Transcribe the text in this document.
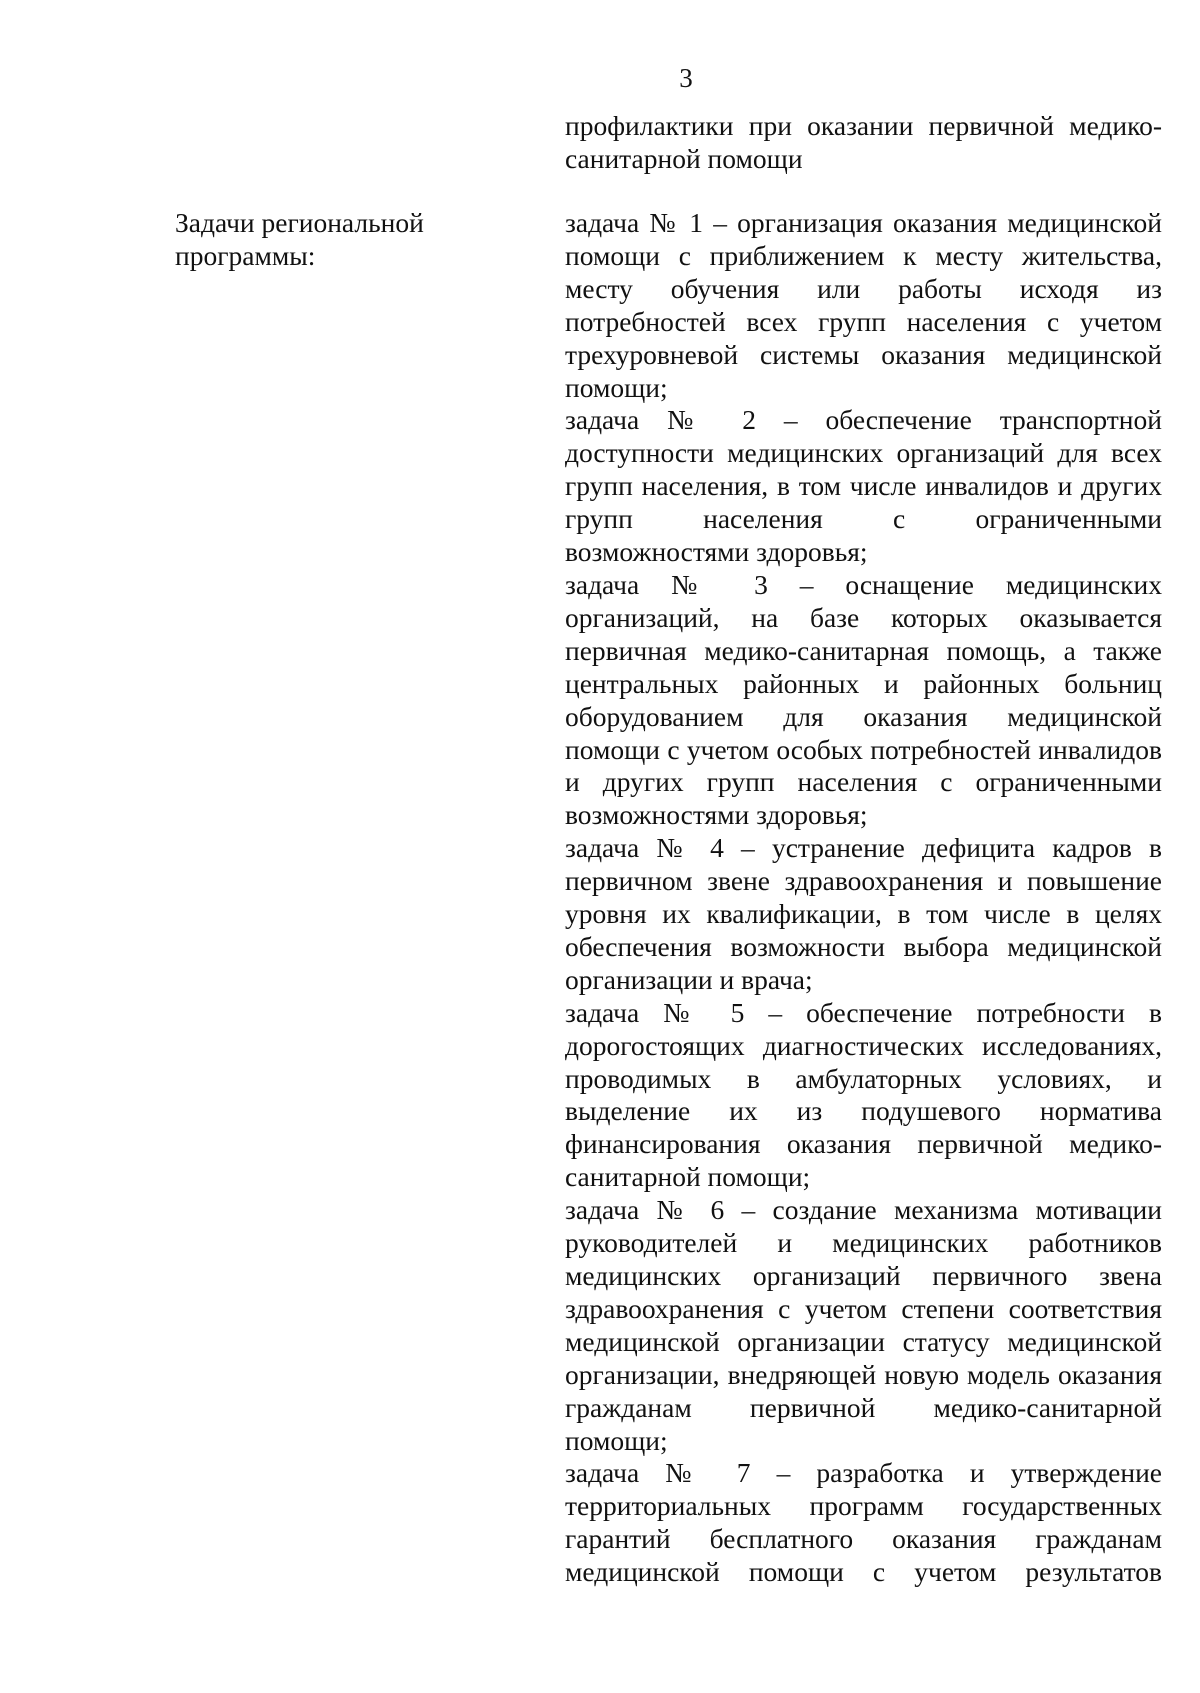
3

профилактики при оказании первичной медико-санитарной помощи

Задачи региональной программы:

задача № 1 – организация оказания медицинской помощи с приближением к месту жительства, месту обучения или работы исходя из потребностей всех групп населения с учетом трехуровневой системы оказания медицинской помощи;

задача № 2 – обеспечение транспортной доступности медицинских организаций для всех групп населения, в том числе инвалидов и других групп населения с ограниченными возможностями здоровья;

задача № 3 – оснащение медицинских организаций, на базе которых оказывается первичная медико-санитарная помощь, а также центральных районных и районных больниц оборудованием для оказания медицинской помощи с учетом особых потребностей инвалидов и других групп населения с ограниченными возможностями здоровья;

задача № 4 – устранение дефицита кадров в первичном звене здравоохранения и повышение уровня их квалификации, в том числе в целях обеспечения возможности выбора медицинской организации и врача;

задача № 5 – обеспечение потребности в дорогостоящих диагностических исследованиях, проводимых в амбулаторных условиях, и выделение их из подушевого норматива финансирования оказания первичной медико-санитарной помощи;

задача № 6 – создание механизма мотивации руководителей и медицинских работников медицинских организаций первичного звена здравоохранения с учетом степени соответствия медицинской организации статусу медицинской организации, внедряющей новую модель оказания гражданам первичной медико-санитарной помощи;

задача № 7 – разработка и утверждение территориальных программ государственных гарантий бесплатного оказания гражданам медицинской помощи с учетом результатов
